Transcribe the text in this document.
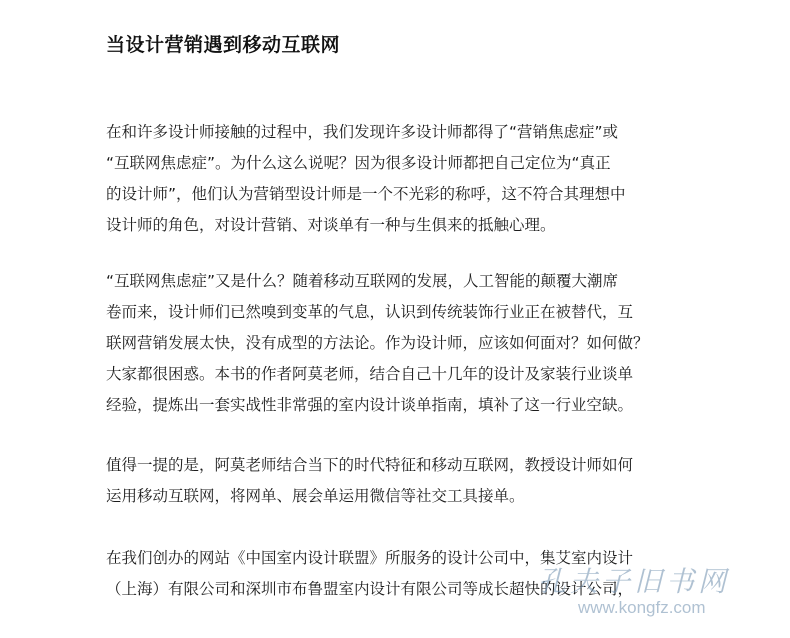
当设计营销遇到移动互联网

在和许多设计师接触的过程中，我们发现许多设计师都得了“营销焦虑症”或
“互联网焦虑症”。为什么这么说呢？因为很多设计师都把自己定位为“真正
的设计师”，他们认为营销型设计师是一个不光彩的称呼，这不符合其理想中
设计师的角色，对设计营销、对谈单有一种与生俱来的抵触心理。

“互联网焦虑症”又是什么？随着移动互联网的发展，人工智能的颠覆大潮席
卷而来，设计师们已然嗅到变革的气息，认识到传统装饰行业正在被替代，互
联网营销发展太快，没有成型的方法论。作为设计师，应该如何面对？如何做？
大家都很困惑。本书的作者阿莫老师，结合自己十几年的设计及家装行业谈单
经验，提炼出一套实战性非常强的室内设计谈单指南，填补了这一行业空缺。

值得一提的是，阿莫老师结合当下的时代特征和移动互联网，教授设计师如何
运用移动互联网，将网单、展会单运用微信等社交工具接单。

在我们创办的网站《中国室内设计联盟》所服务的设计公司中，集艾室内设计
（上海）有限公司和深圳市布鲁盟室内设计有限公司等成长超快的设计公司，

孔夫子旧书网
www.kongfz.com
